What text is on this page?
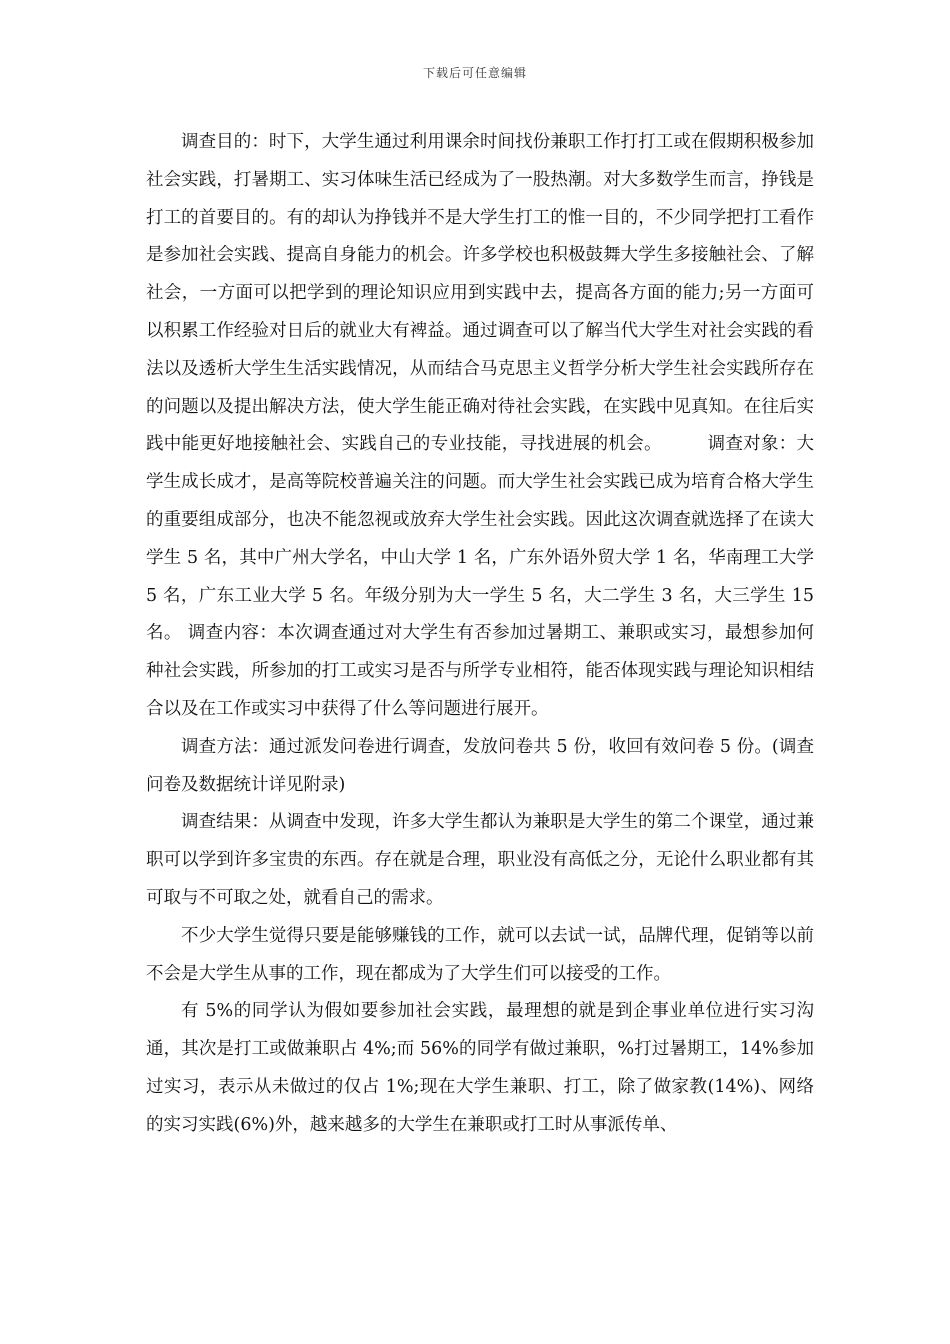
下载后可任意编辑

调查目的：时下，大学生通过利用课余时间找份兼职工作打打工或在假期积极参加社会实践，打暑期工、实习体味生活已经成为了一股热潮。对大多数学生而言，挣钱是打工的首要目的。有的却认为挣钱并不是大学生打工的惟一目的，不少同学把打工看作是参加社会实践、提高自身能力的机会。许多学校也积极鼓舞大学生多接触社会、了解社会，一方面可以把学到的理论知识应用到实践中去，提高各方面的能力;另一方面可以积累工作经验对日后的就业大有裨益。通过调查可以了解当代大学生对社会实践的看法以及透析大学生生活实践情况，从而结合马克思主义哲学分析大学生社会实践所存在的问题以及提出解决方法，使大学生能正确对待社会实践，在实践中见真知。在往后实践中能更好地接触社会、实践自己的专业技能，寻找进展的机会。	调查对象：大学生成长成才，是高等院校普遍关注的问题。而大学生社会实践已成为培育合格大学生的重要组成部分，也决不能忽视或放弃大学生社会实践。因此这次调查就选择了在读大学生 5 名，其中广州大学名，中山大学 1 名，广东外语外贸大学 1 名，华南理工大学 5 名，广东工业大学 5 名。年级分别为大一学生 5 名，大二学生 3 名，大三学生 15 名。 调查内容：本次调查通过对大学生有否参加过暑期工、兼职或实习，最想参加何种社会实践，所参加的打工或实习是否与所学专业相符，能否体现实践与理论知识相结合以及在工作或实习中获得了什么等问题进行展开。

调查方法：通过派发问卷进行调查，发放问卷共 5 份，收回有效问卷 5 份。(调查问卷及数据统计详见附录)

调查结果：从调查中发现，许多大学生都认为兼职是大学生的第二个课堂，通过兼职可以学到许多宝贵的东西。存在就是合理，职业没有高低之分，无论什么职业都有其可取与不可取之处，就看自己的需求。

不少大学生觉得只要是能够赚钱的工作，就可以去试一试，品牌代理，促销等以前不会是大学生从事的工作，现在都成为了大学生们可以接受的工作。

有 5%的同学认为假如要参加社会实践，最理想的就是到企事业单位进行实习沟通，其次是打工或做兼职占 4%;而 56%的同学有做过兼职，%打过暑期工，14%参加过实习，表示从未做过的仅占 1%;现在大学生兼职、打工，除了做家教(14%)、网络的实习实践(6%)外，越来越多的大学生在兼职或打工时从事派传单、
